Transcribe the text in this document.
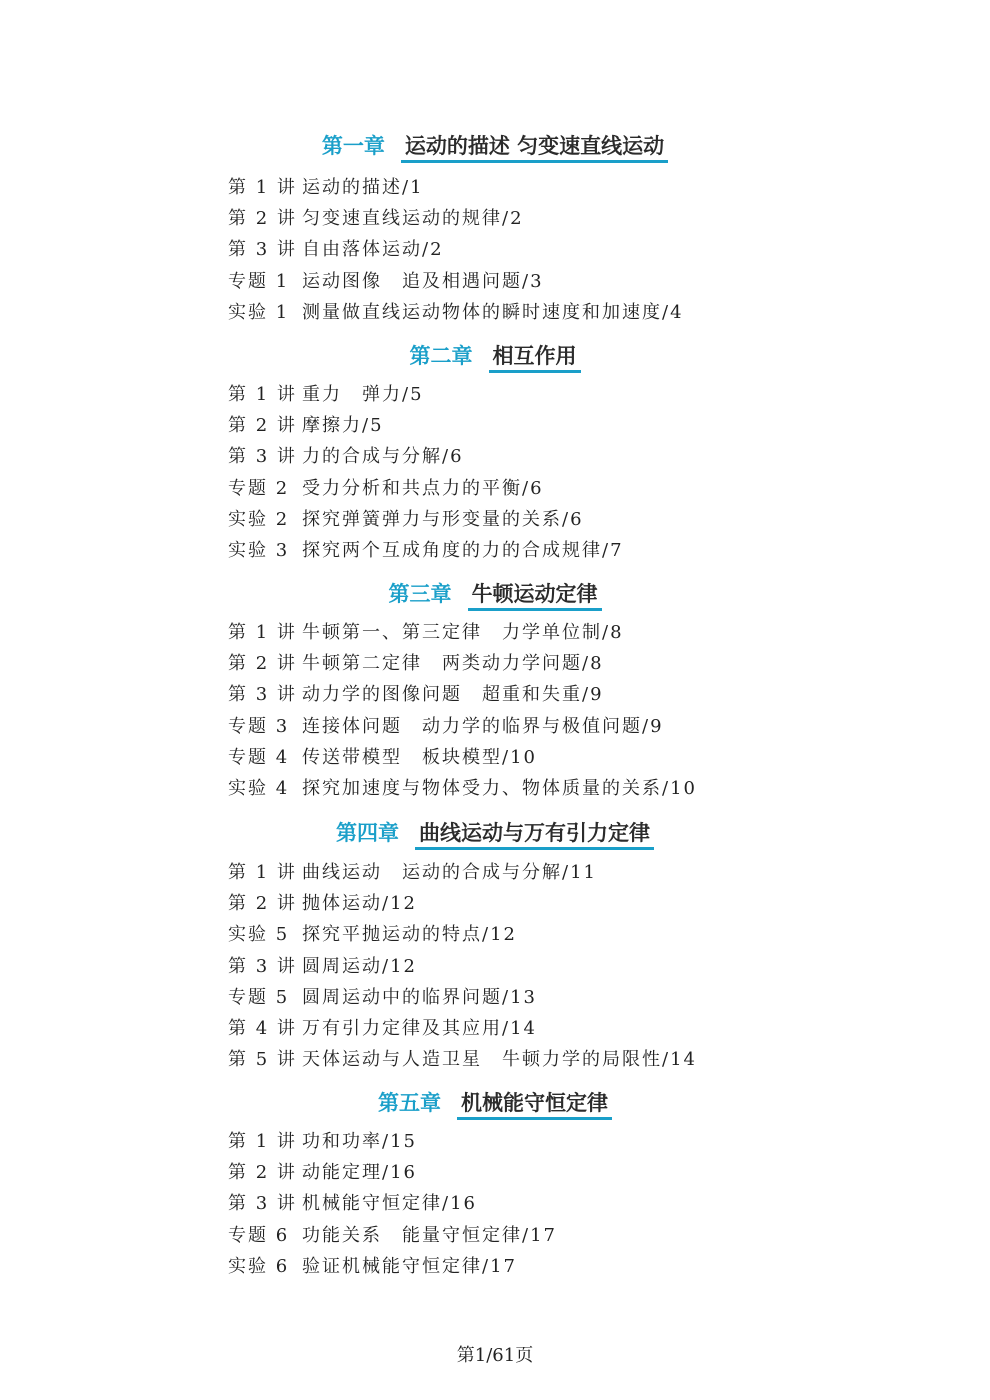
第一章 运动的描述 匀变速直线运动
第 1 讲 运动的描述/1
第 2 讲 匀变速直线运动的规律/2
第 3 讲 自由落体运动/2
专题 1 运动图像　追及相遇问题/3
实验 1 测量做直线运动物体的瞬时速度和加速度/4
第二章 相互作用
第 1 讲 重力　弹力/5
第 2 讲 摩擦力/5
第 3 讲 力的合成与分解/6
专题 2 受力分析和共点力的平衡/6
实验 2 探究弹簧弹力与形变量的关系/6
实验 3 探究两个互成角度的力的合成规律/7
第三章 牛顿运动定律
第 1 讲 牛顿第一、第三定律　力学单位制/8
第 2 讲 牛顿第二定律　两类动力学问题/8
第 3 讲 动力学的图像问题　超重和失重/9
专题 3 连接体问题　动力学的临界与极值问题/9
专题 4 传送带模型　板块模型/10
实验 4 探究加速度与物体受力、物体质量的关系/10
第四章 曲线运动与万有引力定律
第 1 讲 曲线运动　运动的合成与分解/11
第 2 讲 抛体运动/12
实验 5 探究平抛运动的特点/12
第 3 讲 圆周运动/12
专题 5 圆周运动中的临界问题/13
第 4 讲 万有引力定律及其应用/14
第 5 讲 天体运动与人造卫星　牛顿力学的局限性/14
第五章 机械能守恒定律
第 1 讲 功和功率/15
第 2 讲 动能定理/16
第 3 讲 机械能守恒定律/16
专题 6 功能关系　能量守恒定律/17
实验 6 验证机械能守恒定律/17
第1/61页
